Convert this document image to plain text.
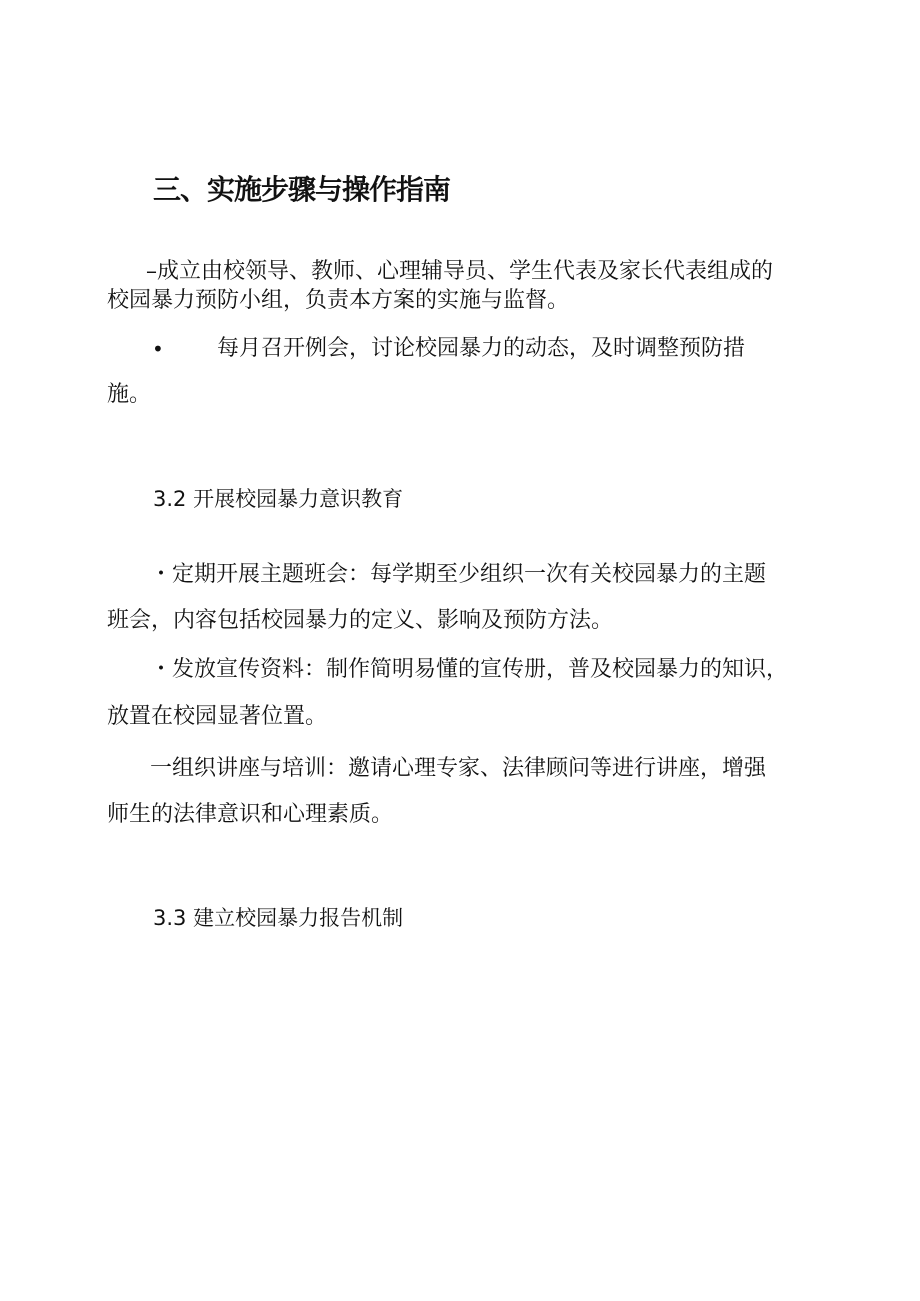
三、实施步骤与操作指南
–成立由校领导、教师、心理辅导员、学生代表及家长代表组成的
校园暴力预防小组，负责本方案的实施与监督。
• 每月召开例会，讨论校园暴力的动态，及时调整预防措
施。
3.2 开展校园暴力意识教育
・定期开展主题班会：每学期至少组织一次有关校园暴力的主题
班会，内容包括校园暴力的定义、影响及预防方法。
・发放宣传资料：制作简明易懂的宣传册，普及校园暴力的知识，
放置在校园显著位置。
一组织讲座与培训：邀请心理专家、法律顾问等进行讲座，增强
师生的法律意识和心理素质。
3.3 建立校园暴力报告机制
